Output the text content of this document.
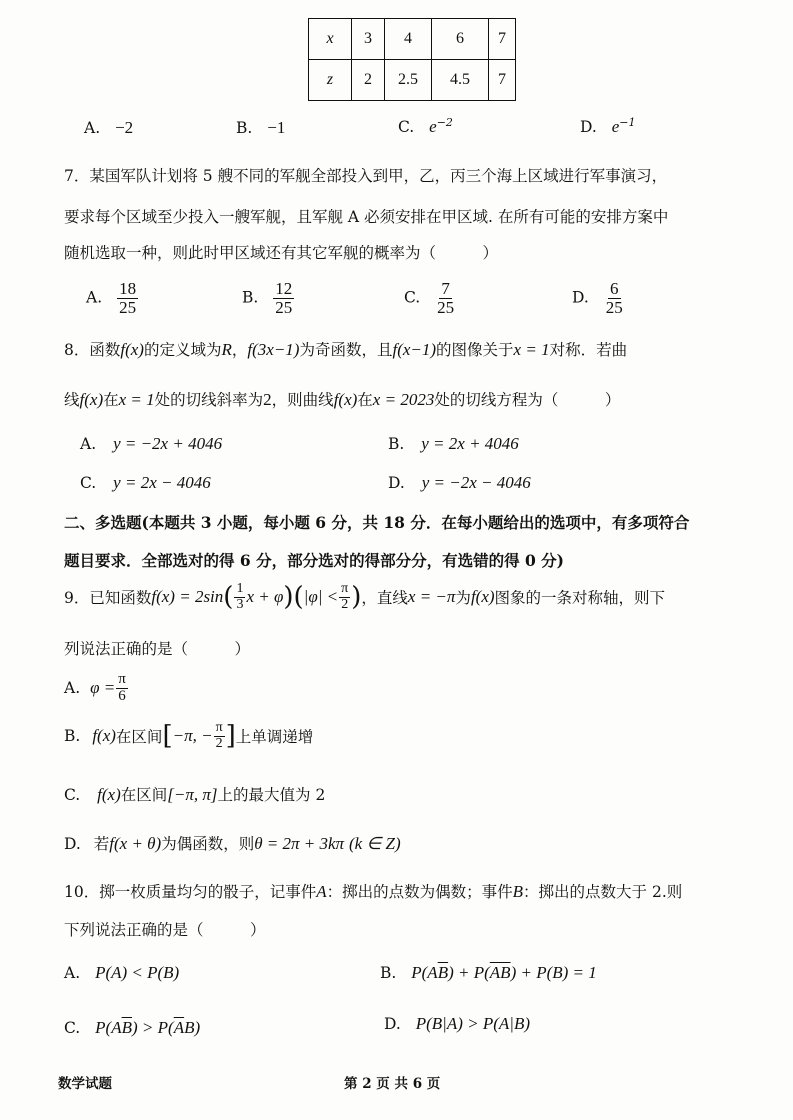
x	3	4	6	7
z	2	2.5	4.5	7
A. −2	B. −1	C. $e^{-2}$	D. $e^{-1}$
7．某国军队计划将 5 艘不同的军舰全部投入到甲，乙，丙三个海上区域进行军事演习，
要求每个区域至少投入一艘军舰，且军舰 A 必须安排在甲区域. 在所有可能的安排方案中
随机选取一种，则此时甲区域还有其它军舰的概率为（　　　）
A. $\frac{18}{25}$	B. $\frac{12}{25}$	C. $\frac{7}{25}$	D. $\frac{6}{25}$
8．函数f(x)的定义域为R，f(3x−1)为奇函数，且f(x−1)的图像关于x = 1对称．若曲
线f(x)在x = 1处的切线斜率为2，则曲线f(x)在x = 2023处的切线方程为（　　　）
A. y = −2x + 4046	B. y = 2x + 4046
C. y = 2x − 4046	D. y = −2x − 4046
二、多选题(本题共 3 小题，每小题 6 分，共 18 分．在每小题给出的选项中，有多项符合
题目要求．全部选对的得 6 分，部分选对的得部分分，有选错的得 0 分)
9．已知函数 f(x) = 2sin ( $\frac{1}{3}$ x + φ ) ( $|\varphi| < \frac{\pi}{2}$ ) ，直线 x = −π 为 f(x) 图象的一条对称轴，则下
列说法正确的是（　　　）
A. $\varphi = \frac{\pi}{6}$
B. f(x) 在区间 [ −π, − $\frac{\pi}{2}$ ] 上单调递增
C. f(x)在区间[−π, π]上的最大值为 2
D. 若f(x + θ)为偶函数，则θ = 2π + 3kπ (k ∈ Z)
10．掷一枚质量均匀的骰子，记事件A：掷出的点数为偶数；事件B：掷出的点数大于 2.则
下列说法正确的是（　　　）
A. P(A) < P(B)	B. $P(A\overline{B}) + P(\overline{AB}) + P(B) = 1$
C. $P(A\overline{B}) > P(\overline{A}B)$	D. P(B|A) > P(A|B)
数学试题	第 2 页 共 6 页
